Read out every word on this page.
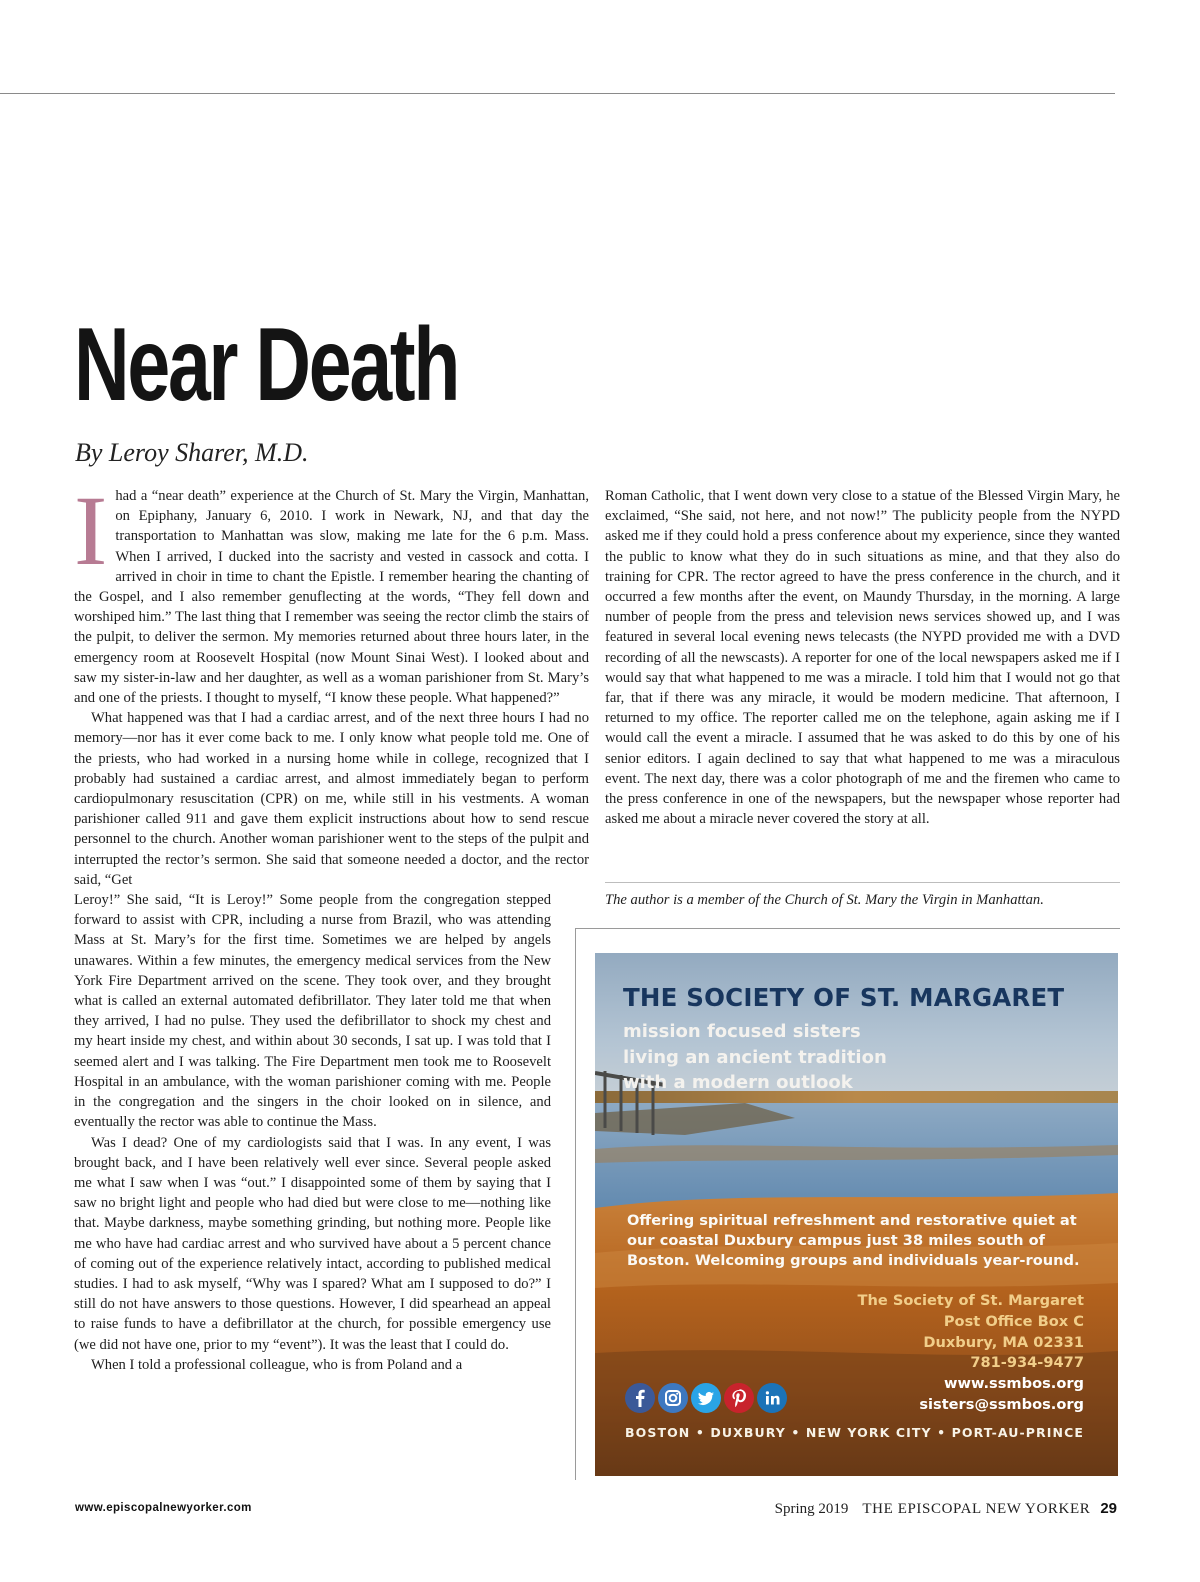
Near Death

By Leroy Sharer, M.D.

I had a “near death” experience at the Church of St. Mary the Virgin, Manhattan, on Epiphany, January 6, 2010. I work in Newark, NJ, and that day the transportation to Manhattan was slow, making me late for the 6 p.m. Mass. When I arrived, I ducked into the sacristy and vested in cassock and cotta. I arrived in choir in time to chant the Epistle. I remember hearing the chanting of the Gospel, and I also remember genuflecting at the words, “They fell down and worshiped him.” The last thing that I remember was seeing the rector climb the stairs of the pulpit, to deliver the sermon. My memories returned about three hours later, in the emergency room at Roosevelt Hospital (now Mount Sinai West). I looked about and saw my sister-in-law and her daughter, as well as a woman parishioner from St. Mary’s and one of the priests. I thought to myself, “I know these people. What happened?”

What happened was that I had a cardiac arrest, and of the next three hours I had no memory—nor has it ever come back to me. I only know what people told me. One of the priests, who had worked in a nursing home while in college, recognized that I probably had sustained a cardiac arrest, and almost immediately began to perform cardiopulmonary resuscitation (CPR) on me, while still in his vestments. A woman parishioner called 911 and gave them explicit instructions about how to send rescue personnel to the church. Another woman parishioner went to the steps of the pulpit and interrupted the rector’s sermon. She said that someone needed a doctor, and the rector said, “Get

Leroy!” She said, “It is Leroy!” Some people from the congregation stepped forward to assist with CPR, including a nurse from Brazil, who was attending Mass at St. Mary’s for the first time. Sometimes we are helped by angels unawares. Within a few minutes, the emergency medical services from the New York Fire Department arrived on the scene. They took over, and they brought what is called an external automated defibrillator. They later told me that when they arrived, I had no pulse. They used the defibrillator to shock my chest and my heart inside my chest, and within about 30 seconds, I sat up. I was told that I seemed alert and I was talking. The Fire Department men took me to Roosevelt Hospital in an ambulance, with the woman parishioner coming with me. People in the congregation and the singers in the choir looked on in silence, and eventually the rector was able to continue the Mass.

Was I dead? One of my cardiologists said that I was. In any event, I was brought back, and I have been relatively well ever since. Several people asked me what I saw when I was “out.” I disappointed some of them by saying that I saw no bright light and people who had died but were close to me—nothing like that. Maybe darkness, maybe something grinding, but nothing more. People like me who have had cardiac arrest and who survived have about a 5 percent chance of coming out of the experience relatively intact, according to published medical studies. I had to ask myself, “Why was I spared? What am I supposed to do?” I still do not have answers to those questions. However, I did spearhead an appeal to raise funds to have a defibrillator at the church, for possible emergency use (we did not have one, prior to my “event”). It was the least that I could do.

When I told a professional colleague, who is from Poland and a

Roman Catholic, that I went down very close to a statue of the Blessed Virgin Mary, he exclaimed, “She said, not here, and not now!” The publicity people from the NYPD asked me if they could hold a press conference about my experience, since they wanted the public to know what they do in such situations as mine, and that they also do training for CPR. The rector agreed to have the press conference in the church, and it occurred a few months after the event, on Maundy Thursday, in the morning. A large number of people from the press and television news services showed up, and I was featured in several local evening news telecasts (the NYPD provided me with a DVD recording of all the newscasts). A reporter for one of the local newspapers asked me if I would say that what happened to me was a miracle. I told him that I would not go that far, that if there was any miracle, it would be modern medicine. That afternoon, I returned to my office. The reporter called me on the telephone, again asking me if I would call the event a miracle. I assumed that he was asked to do this by one of his senior editors. I again declined to say that what happened to me was a miraculous event. The next day, there was a color photograph of me and the firemen who came to the press conference in one of the newspapers, but the newspaper whose reporter had asked me about a miracle never covered the story at all.

The author is a member of the Church of St. Mary the Virgin in Manhattan.

THE SOCIETY OF ST. MARGARET

mission focused sisters
living an ancient tradition
with a modern outlook

Offering spiritual refreshment and restorative quiet at our coastal Duxbury campus just 38 miles south of Boston. Welcoming groups and individuals year-round.

The Society of St. Margaret
Post Office Box C
Duxbury, MA 02331
781-934-9477
www.ssmbos.org
sisters@ssmbos.org

BOSTON • DUXBURY • NEW YORK CITY • PORT-AU-PRINCE

www.episcopalnewyorker.com	Spring 2019 THE EPISCOPAL NEW YORKER 29
